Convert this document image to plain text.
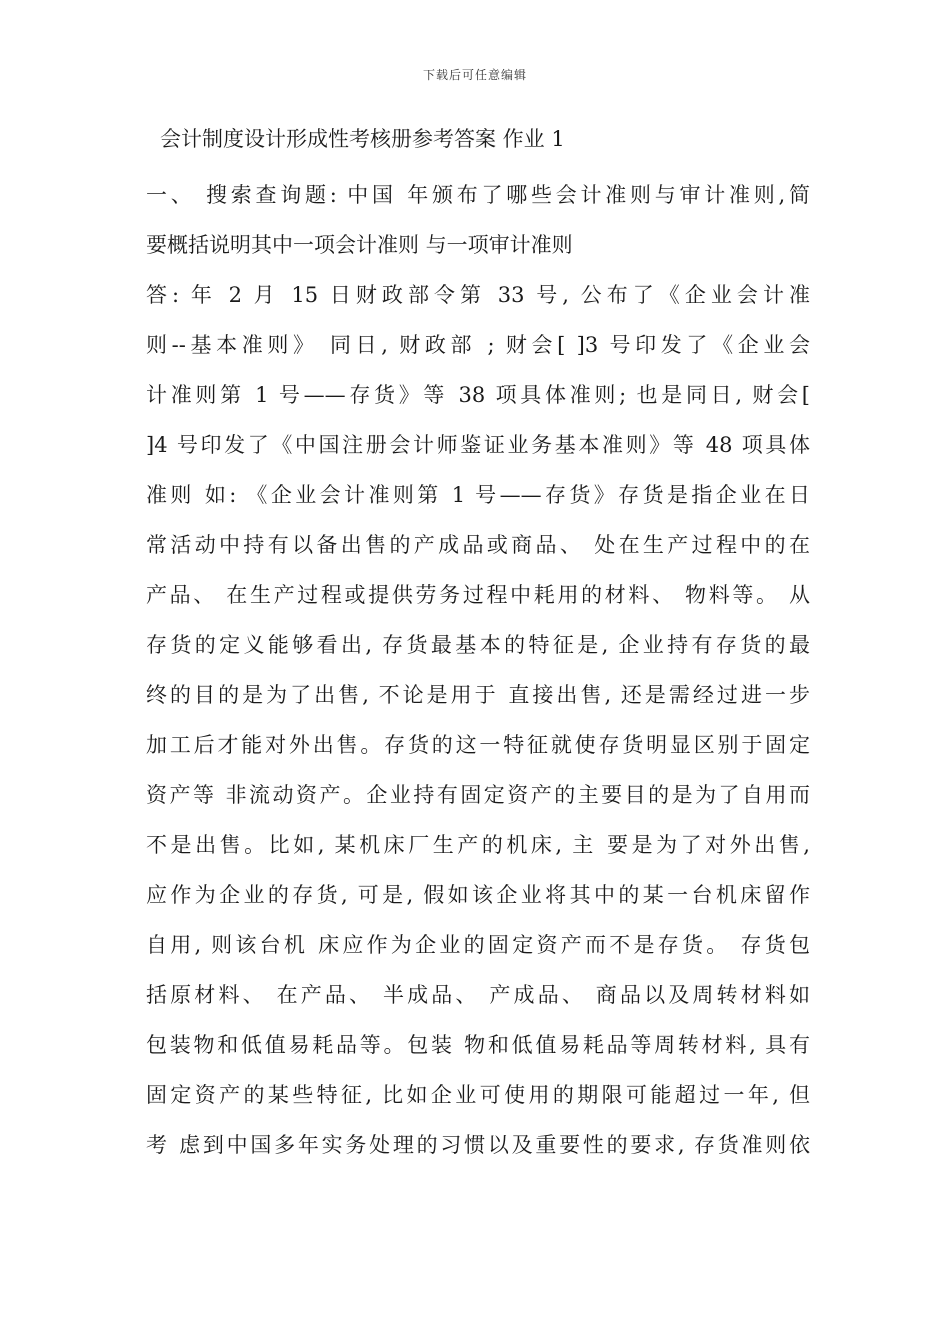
下载后可任意编辑
会计制度设计形成性考核册参考答案 作业 1
一、 搜索查询题: 中国 年颁布了哪些会计准则与审计准则,简
要概括说明其中一项会计准则 与一项审计准则
答: 年 2 月 15 日财政部令第 33 号, 公布了《企业会计准
则--基本准则》 同日, 财政部 ; 财会[ ]3 号印发了《企业会
计准则第 1 号——存货》等 38 项具体准则; 也是同日, 财会[
]4 号印发了《中国注册会计师鉴证业务基本准则》等 48 项具体
准则 如: 《企业会计准则第 1 号——存货》存货是指企业在日
常活动中持有以备出售的产成品或商品、 处在生产过程中的在
产品、 在生产过程或提供劳务过程中耗用的材料、 物料等。 从
存货的定义能够看出, 存货最基本的特征是, 企业持有存货的最
终的目的是为了出售, 不论是用于 直接出售, 还是需经过进一步
加工后才能对外出售。存货的这一特征就使存货明显区别于固定
资产等 非流动资产。企业持有固定资产的主要目的是为了自用而
不是出售。比如, 某机床厂生产的机床, 主 要是为了对外出售,
应作为企业的存货, 可是, 假如该企业将其中的某一台机床留作
自用, 则该台机 床应作为企业的固定资产而不是存货。 存货包
括原材料、 在产品、 半成品、 产成品、 商品以及周转材料如
包装物和低值易耗品等。包装 物和低值易耗品等周转材料, 具有
固定资产的某些特征, 比如企业可使用的期限可能超过一年, 但
考 虑到中国多年实务处理的习惯以及重要性的要求, 存货准则依
